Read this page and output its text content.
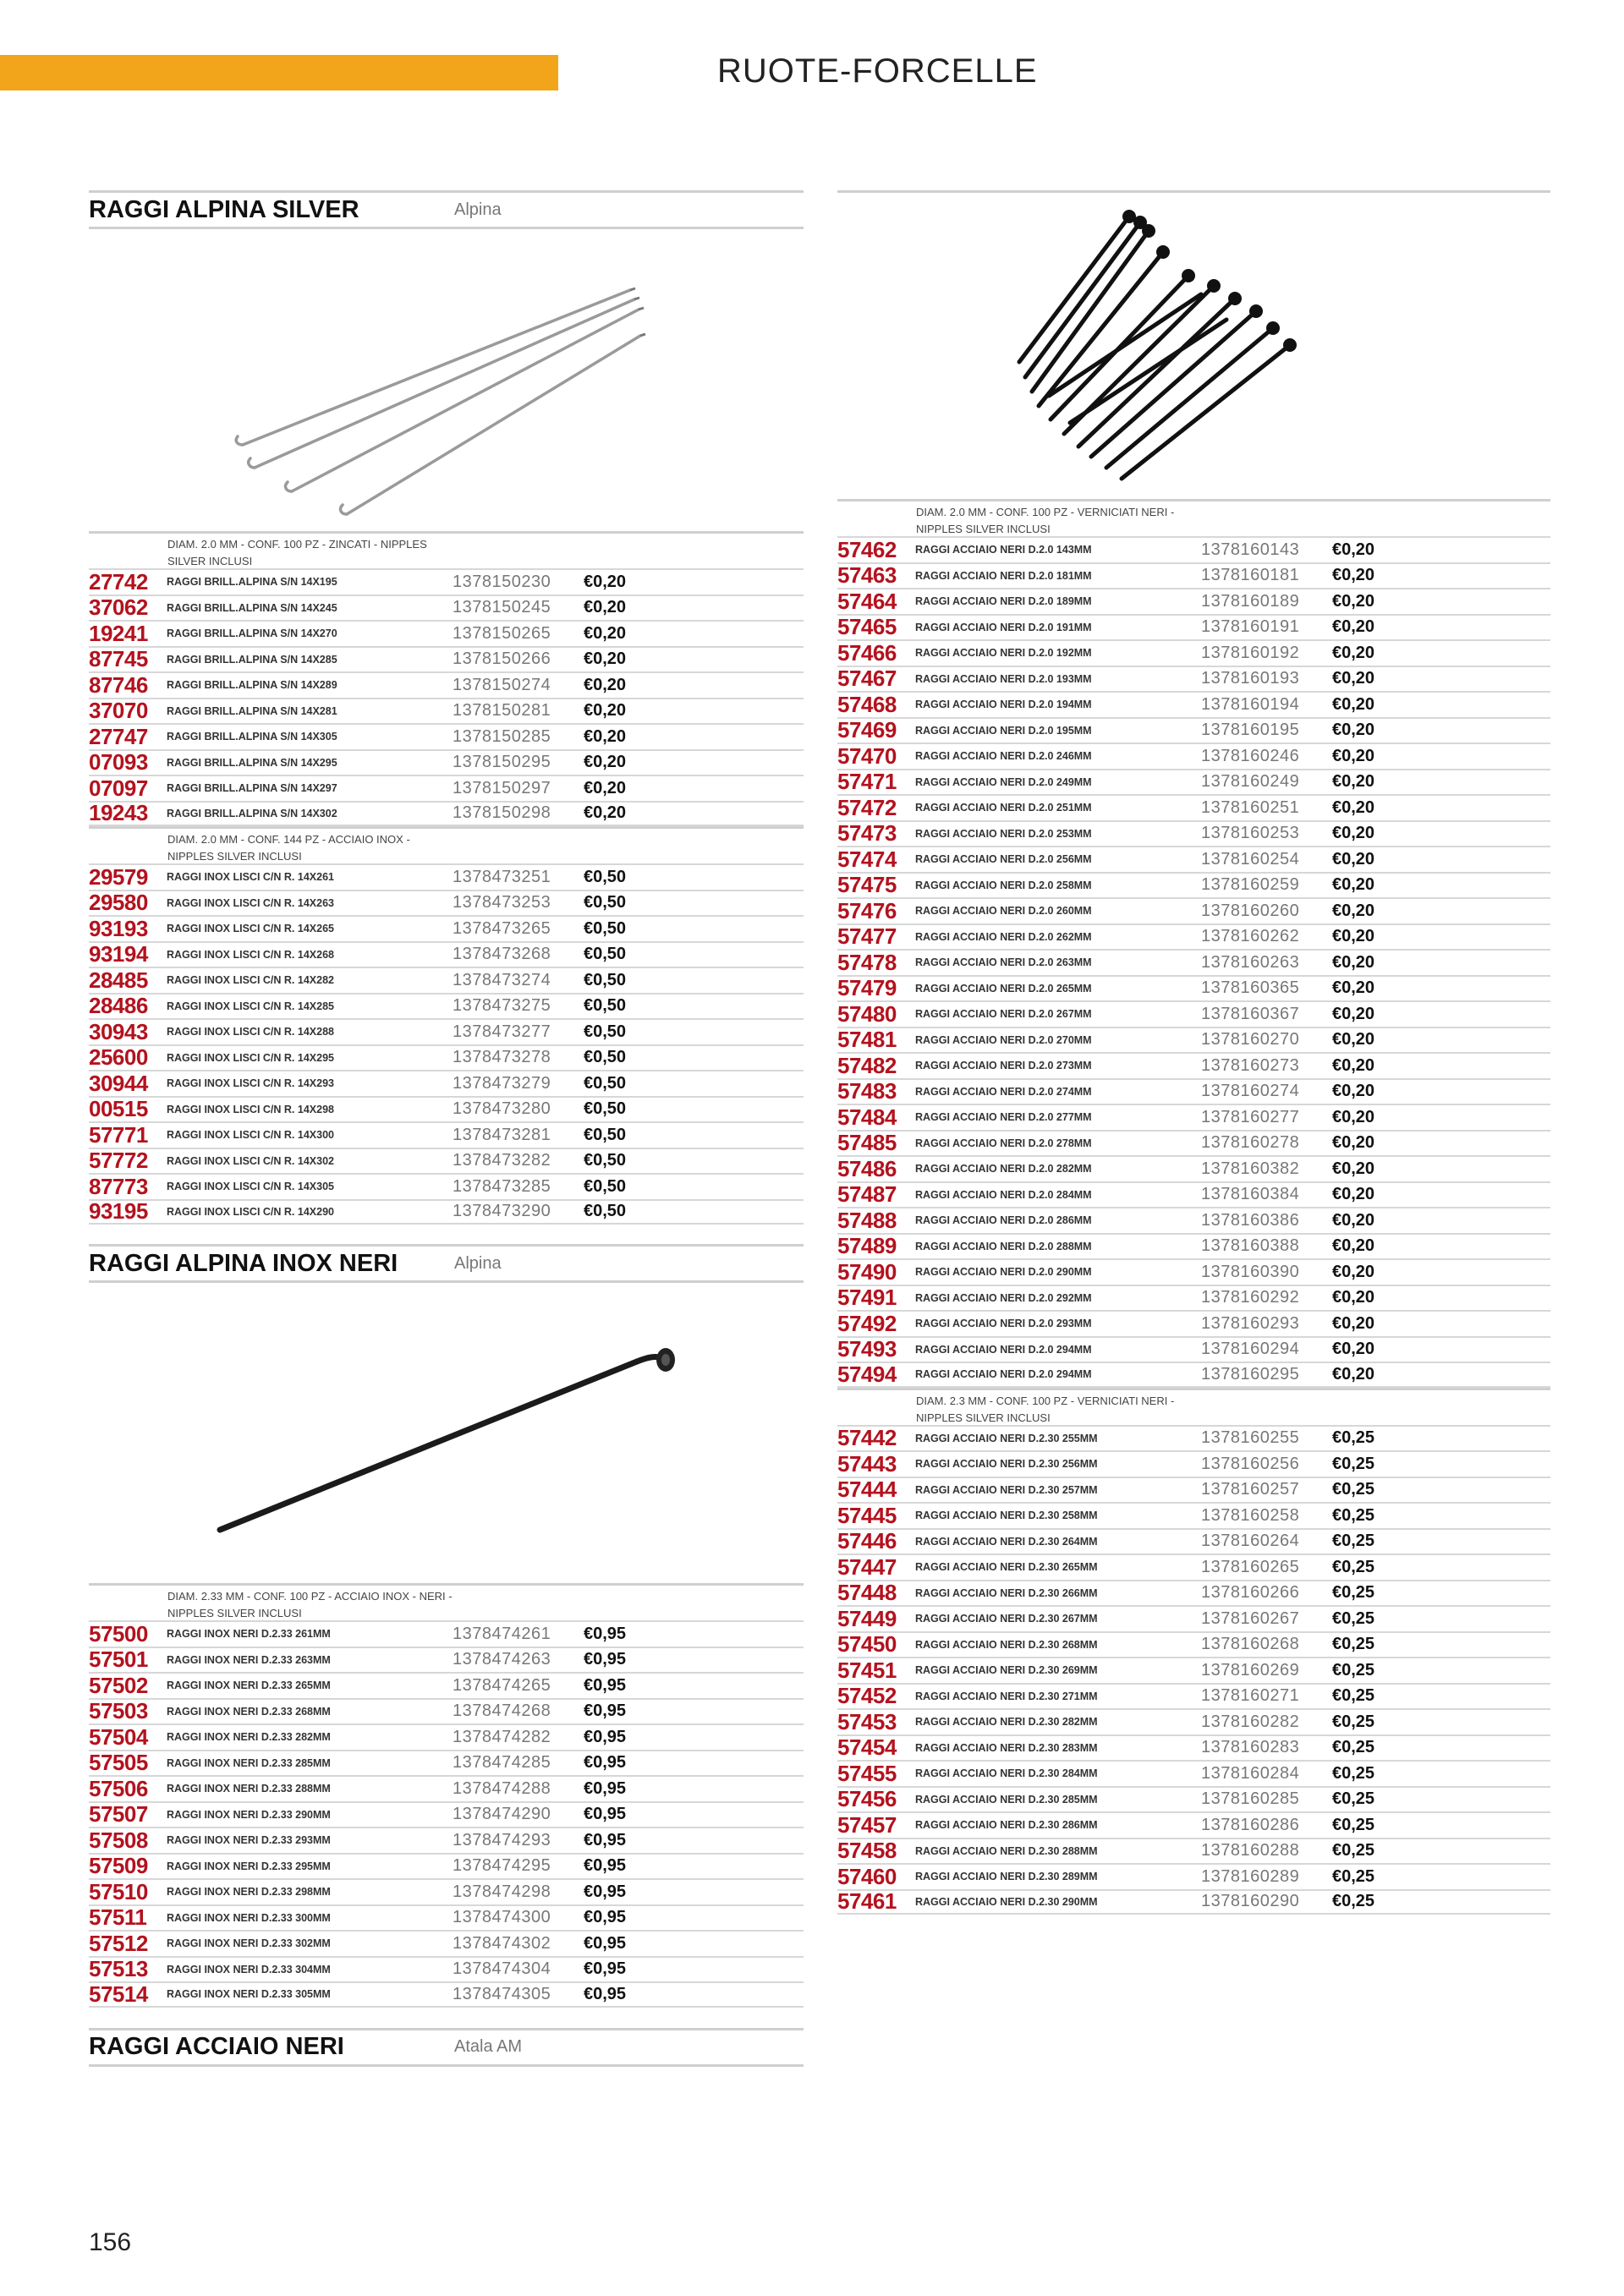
RUOTE-FORCELLE
RAGGI ALPINA SILVER	Alpina
DIAM. 2.0 MM - CONF. 100 PZ - ZINCATI - NIPPLES SILVER INCLUSI
27742	RAGGI BRILL.ALPINA S/N 14X195	1378150230	€0,20
37062	RAGGI BRILL.ALPINA S/N 14X245	1378150245	€0,20
19241	RAGGI BRILL.ALPINA S/N 14X270	1378150265	€0,20
87745	RAGGI BRILL.ALPINA S/N 14X285	1378150266	€0,20
87746	RAGGI BRILL.ALPINA S/N 14X289	1378150274	€0,20
37070	RAGGI BRILL.ALPINA S/N 14X281	1378150281	€0,20
27747	RAGGI BRILL.ALPINA S/N 14X305	1378150285	€0,20
07093	RAGGI BRILL.ALPINA S/N 14X295	1378150295	€0,20
07097	RAGGI BRILL.ALPINA S/N 14X297	1378150297	€0,20
19243	RAGGI BRILL.ALPINA S/N 14X302	1378150298	€0,20
DIAM. 2.0 MM - CONF. 144 PZ - ACCIAIO INOX - NIPPLES SILVER INCLUSI
29579	RAGGI INOX LISCI C/N R. 14X261	1378473251	€0,50
29580	RAGGI INOX LISCI C/N R. 14X263	1378473253	€0,50
93193	RAGGI INOX LISCI C/N R. 14X265	1378473265	€0,50
93194	RAGGI INOX LISCI C/N R. 14X268	1378473268	€0,50
28485	RAGGI INOX LISCI C/N R. 14X282	1378473274	€0,50
28486	RAGGI INOX LISCI C/N R. 14X285	1378473275	€0,50
30943	RAGGI INOX LISCI C/N R. 14X288	1378473277	€0,50
25600	RAGGI INOX LISCI C/N R. 14X295	1378473278	€0,50
30944	RAGGI INOX LISCI C/N R. 14X293	1378473279	€0,50
00515	RAGGI INOX LISCI C/N R. 14X298	1378473280	€0,50
57771	RAGGI INOX LISCI C/N R. 14X300	1378473281	€0,50
57772	RAGGI INOX LISCI C/N R. 14X302	1378473282	€0,50
87773	RAGGI INOX LISCI C/N R. 14X305	1378473285	€0,50
93195	RAGGI INOX LISCI C/N R. 14X290	1378473290	€0,50
RAGGI ALPINA INOX NERI	Alpina
DIAM. 2.33 MM - CONF. 100 PZ - ACCIAIO INOX - NERI - NIPPLES SILVER INCLUSI
57500	RAGGI INOX NERI D.2.33 261MM	1378474261	€0,95
57501	RAGGI INOX NERI D.2.33 263MM	1378474263	€0,95
57502	RAGGI INOX NERI D.2.33 265MM	1378474265	€0,95
57503	RAGGI INOX NERI D.2.33 268MM	1378474268	€0,95
57504	RAGGI INOX NERI D.2.33 282MM	1378474282	€0,95
57505	RAGGI INOX NERI D.2.33 285MM	1378474285	€0,95
57506	RAGGI INOX NERI D.2.33 288MM	1378474288	€0,95
57507	RAGGI INOX NERI D.2.33 290MM	1378474290	€0,95
57508	RAGGI INOX NERI D.2.33 293MM	1378474293	€0,95
57509	RAGGI INOX NERI D.2.33 295MM	1378474295	€0,95
57510	RAGGI INOX NERI D.2.33 298MM	1378474298	€0,95
57511	RAGGI INOX NERI D.2.33 300MM	1378474300	€0,95
57512	RAGGI INOX NERI D.2.33 302MM	1378474302	€0,95
57513	RAGGI INOX NERI D.2.33 304MM	1378474304	€0,95
57514	RAGGI INOX NERI D.2.33 305MM	1378474305	€0,95
RAGGI ACCIAIO NERI	Atala AM
DIAM. 2.0 MM - CONF. 100 PZ - VERNICIATI NERI - NIPPLES SILVER INCLUSI
57462	RAGGI ACCIAIO NERI D.2.0 143MM	1378160143	€0,20
57463	RAGGI ACCIAIO NERI D.2.0 181MM	1378160181	€0,20
57464	RAGGI ACCIAIO NERI D.2.0 189MM	1378160189	€0,20
57465	RAGGI ACCIAIO NERI D.2.0 191MM	1378160191	€0,20
57466	RAGGI ACCIAIO NERI D.2.0 192MM	1378160192	€0,20
57467	RAGGI ACCIAIO NERI D.2.0 193MM	1378160193	€0,20
57468	RAGGI ACCIAIO NERI D.2.0 194MM	1378160194	€0,20
57469	RAGGI ACCIAIO NERI D.2.0 195MM	1378160195	€0,20
57470	RAGGI ACCIAIO NERI D.2.0 246MM	1378160246	€0,20
57471	RAGGI ACCIAIO NERI D.2.0 249MM	1378160249	€0,20
57472	RAGGI ACCIAIO NERI D.2.0 251MM	1378160251	€0,20
57473	RAGGI ACCIAIO NERI D.2.0 253MM	1378160253	€0,20
57474	RAGGI ACCIAIO NERI D.2.0 256MM	1378160254	€0,20
57475	RAGGI ACCIAIO NERI D.2.0 258MM	1378160259	€0,20
57476	RAGGI ACCIAIO NERI D.2.0 260MM	1378160260	€0,20
57477	RAGGI ACCIAIO NERI D.2.0 262MM	1378160262	€0,20
57478	RAGGI ACCIAIO NERI D.2.0 263MM	1378160263	€0,20
57479	RAGGI ACCIAIO NERI D.2.0 265MM	1378160365	€0,20
57480	RAGGI ACCIAIO NERI D.2.0 267MM	1378160367	€0,20
57481	RAGGI ACCIAIO NERI D.2.0 270MM	1378160270	€0,20
57482	RAGGI ACCIAIO NERI D.2.0 273MM	1378160273	€0,20
57483	RAGGI ACCIAIO NERI D.2.0 274MM	1378160274	€0,20
57484	RAGGI ACCIAIO NERI D.2.0 277MM	1378160277	€0,20
57485	RAGGI ACCIAIO NERI D.2.0 278MM	1378160278	€0,20
57486	RAGGI ACCIAIO NERI D.2.0 282MM	1378160382	€0,20
57487	RAGGI ACCIAIO NERI D.2.0 284MM	1378160384	€0,20
57488	RAGGI ACCIAIO NERI D.2.0 286MM	1378160386	€0,20
57489	RAGGI ACCIAIO NERI D.2.0 288MM	1378160388	€0,20
57490	RAGGI ACCIAIO NERI D.2.0 290MM	1378160390	€0,20
57491	RAGGI ACCIAIO NERI D.2.0 292MM	1378160292	€0,20
57492	RAGGI ACCIAIO NERI D.2.0 293MM	1378160293	€0,20
57493	RAGGI ACCIAIO NERI D.2.0 294MM	1378160294	€0,20
57494	RAGGI ACCIAIO NERI D.2.0 294MM	1378160295	€0,20
DIAM. 2.3 MM - CONF. 100 PZ - VERNICIATI NERI - NIPPLES SILVER INCLUSI
57442	RAGGI ACCIAIO NERI D.2.30 255MM	1378160255	€0,25
57443	RAGGI ACCIAIO NERI D.2.30 256MM	1378160256	€0,25
57444	RAGGI ACCIAIO NERI D.2.30 257MM	1378160257	€0,25
57445	RAGGI ACCIAIO NERI D.2.30 258MM	1378160258	€0,25
57446	RAGGI ACCIAIO NERI D.2.30 264MM	1378160264	€0,25
57447	RAGGI ACCIAIO NERI D.2.30 265MM	1378160265	€0,25
57448	RAGGI ACCIAIO NERI D.2.30 266MM	1378160266	€0,25
57449	RAGGI ACCIAIO NERI D.2.30 267MM	1378160267	€0,25
57450	RAGGI ACCIAIO NERI D.2.30 268MM	1378160268	€0,25
57451	RAGGI ACCIAIO NERI D.2.30 269MM	1378160269	€0,25
57452	RAGGI ACCIAIO NERI D.2.30 271MM	1378160271	€0,25
57453	RAGGI ACCIAIO NERI D.2.30 282MM	1378160282	€0,25
57454	RAGGI ACCIAIO NERI D.2.30 283MM	1378160283	€0,25
57455	RAGGI ACCIAIO NERI D.2.30 284MM	1378160284	€0,25
57456	RAGGI ACCIAIO NERI D.2.30 285MM	1378160285	€0,25
57457	RAGGI ACCIAIO NERI D.2.30 286MM	1378160286	€0,25
57458	RAGGI ACCIAIO NERI D.2.30 288MM	1378160288	€0,25
57460	RAGGI ACCIAIO NERI D.2.30 289MM	1378160289	€0,25
57461	RAGGI ACCIAIO NERI D.2.30 290MM	1378160290	€0,25
156
